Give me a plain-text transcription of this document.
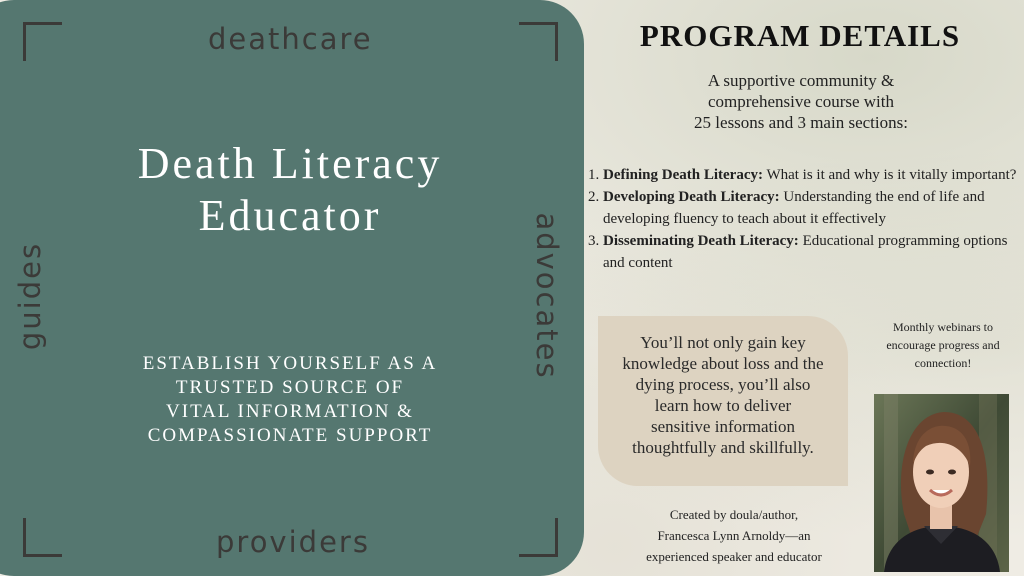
deathcare
providers
guides	advocates
Death Literacy
Educator
ESTABLISH YOURSELF AS A
TRUSTED SOURCE OF
VITAL INFORMATION &
COMPASSIONATE SUPPORT
PROGRAM DETAILS
A supportive community &
comprehensive course with
25 lessons and 3 main sections:
1. Defining Death Literacy: What is it and why is it vitally important?
2. Developing Death Literacy: Understanding the end of life and developing fluency to teach about it effectively
3. Disseminating Death Literacy: Educational programming options and content
You’ll not only gain key
knowledge about loss and the
dying process, you’ll also
learn how to deliver
sensitive information
thoughtfully and skillfully.
Monthly webinars to
encourage progress and
connection!
Created by doula/author,
Francesca Lynn Arnoldy—an
experienced speaker and educator
